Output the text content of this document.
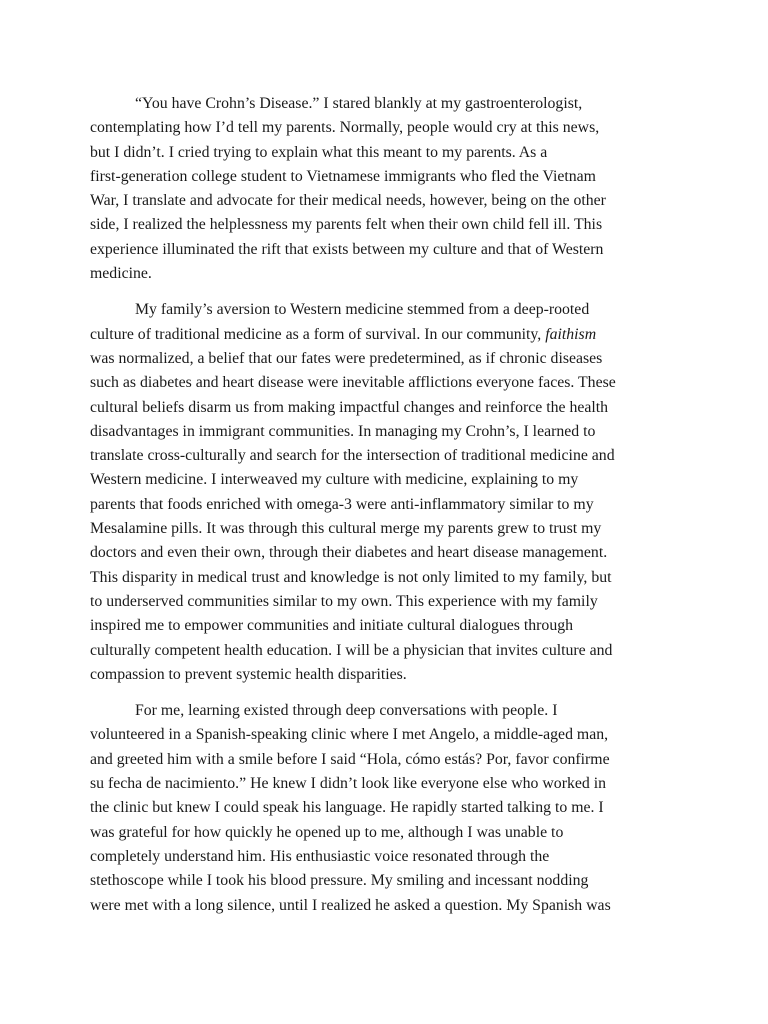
“You have Crohn’s Disease.” I stared blankly at my gastroenterologist,
contemplating how I’d tell my parents. Normally, people would cry at this news,
but I didn’t. I cried trying to explain what this meant to my parents. As a
first-generation college student to Vietnamese immigrants who fled the Vietnam
War, I translate and advocate for their medical needs, however, being on the other
side, I realized the helplessness my parents felt when their own child fell ill. This
experience illuminated the rift that exists between my culture and that of Western
medicine.

My family’s aversion to Western medicine stemmed from a deep-rooted
culture of traditional medicine as a form of survival. In our community, faithism
was normalized, a belief that our fates were predetermined, as if chronic diseases
such as diabetes and heart disease were inevitable afflictions everyone faces. These
cultural beliefs disarm us from making impactful changes and reinforce the health
disadvantages in immigrant communities. In managing my Crohn’s, I learned to
translate cross-culturally and search for the intersection of traditional medicine and
Western medicine. I interweaved my culture with medicine, explaining to my
parents that foods enriched with omega-3 were anti-inflammatory similar to my
Mesalamine pills. It was through this cultural merge my parents grew to trust my
doctors and even their own, through their diabetes and heart disease management.
This disparity in medical trust and knowledge is not only limited to my family, but
to underserved communities similar to my own. This experience with my family
inspired me to empower communities and initiate cultural dialogues through
culturally competent health education. I will be a physician that invites culture and
compassion to prevent systemic health disparities.

For me, learning existed through deep conversations with people. I
volunteered in a Spanish-speaking clinic where I met Angelo, a middle-aged man,
and greeted him with a smile before I said “Hola, cómo estás? Por, favor confirme
su fecha de nacimiento.” He knew I didn’t look like everyone else who worked in
the clinic but knew I could speak his language. He rapidly started talking to me. I
was grateful for how quickly he opened up to me, although I was unable to
completely understand him. His enthusiastic voice resonated through the
stethoscope while I took his blood pressure. My smiling and incessant nodding
were met with a long silence, until I realized he asked a question. My Spanish was
